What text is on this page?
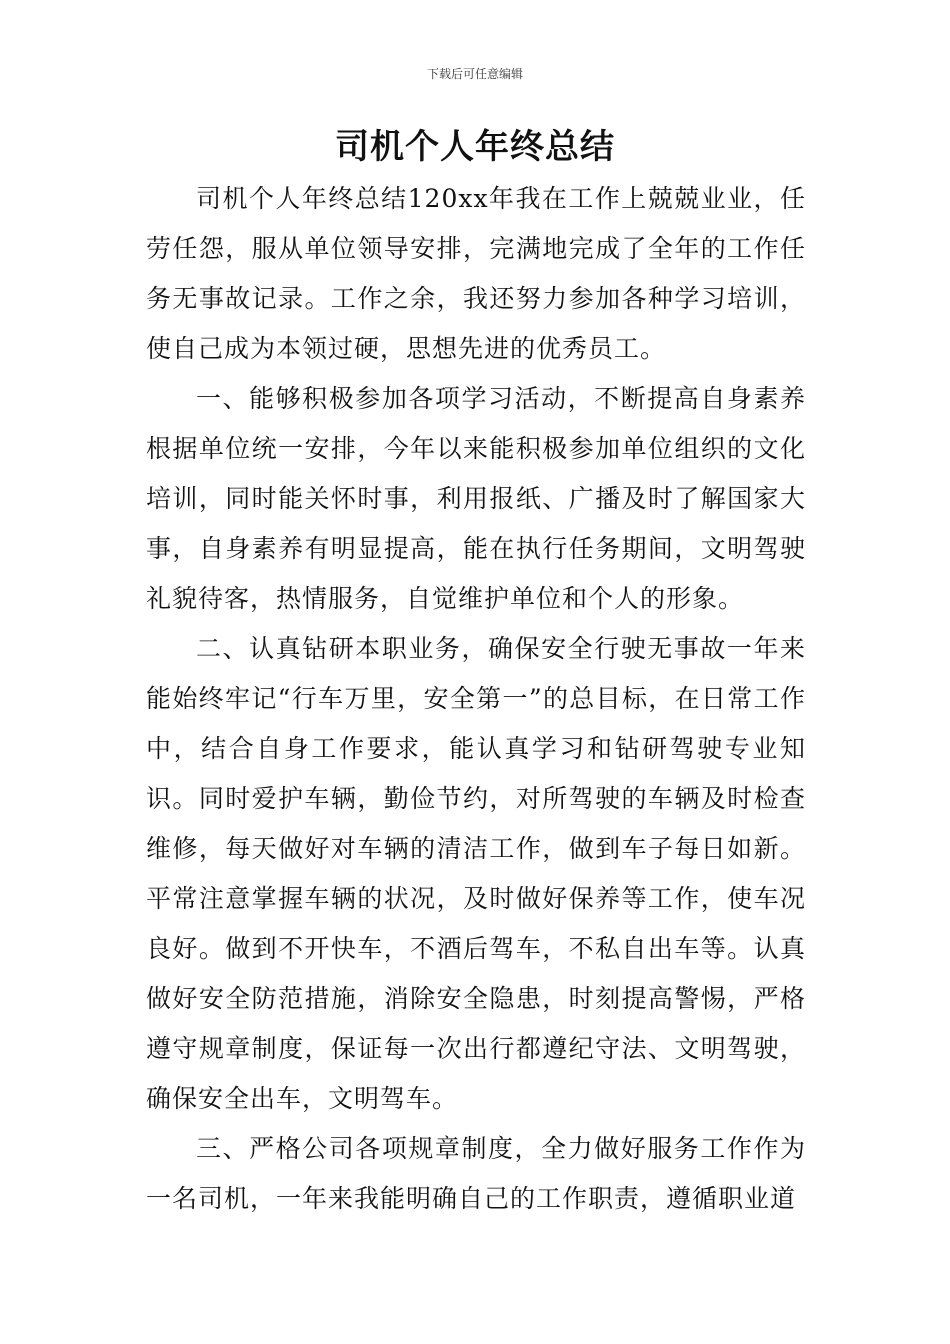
下载后可任意编辑
司机个人年终总结

司机个人年终总结120xx年我在工作上兢兢业业，任劳任怨，服从单位领导安排，完满地完成了全年的工作任务无事故记录。工作之余，我还努力参加各种学习培训，使自己成为本领过硬，思想先进的优秀员工。

一、能够积极参加各项学习活动，不断提高自身素养根据单位统一安排，今年以来能积极参加单位组织的文化培训，同时能关怀时事，利用报纸、广播及时了解国家大事，自身素养有明显提高，能在执行任务期间，文明驾驶礼貌待客，热情服务，自觉维护单位和个人的形象。

二、认真钻研本职业务，确保安全行驶无事故一年来能始终牢记“行车万里，安全第一”的总目标，在日常工作中，结合自身工作要求，能认真学习和钻研驾驶专业知识。同时爱护车辆，勤俭节约，对所驾驶的车辆及时检查维修，每天做好对车辆的清洁工作，做到车子每日如新。平常注意掌握车辆的状况，及时做好保养等工作，使车况良好。做到不开快车，不酒后驾车，不私自出车等。认真做好安全防范措施，消除安全隐患，时刻提高警惕，严格遵守规章制度，保证每一次出行都遵纪守法、文明驾驶，确保安全出车，文明驾车。

三、严格公司各项规章制度，全力做好服务工作作为一名司机，一年来我能明确自己的工作职责，遵循职业道
